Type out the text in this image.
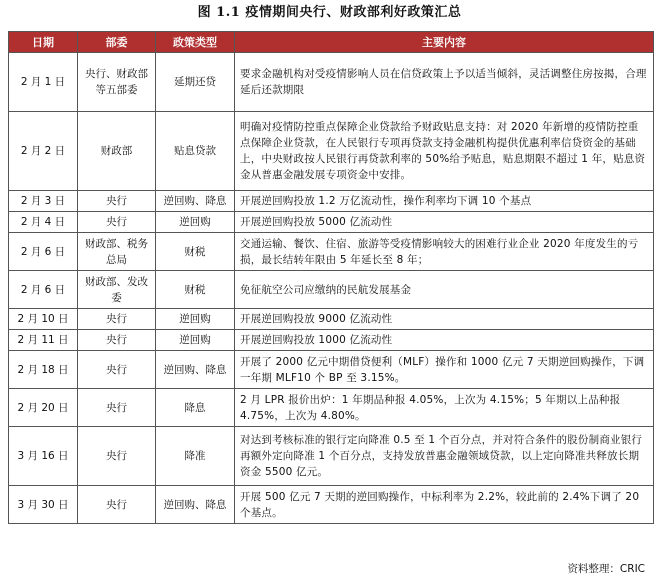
图 1.1 疫情期间央行、财政部利好政策汇总
日期	部委	政策类型	主要内容
2 月 1 日	央行、财政部等五部委	延期还贷	要求金融机构对受疫情影响人员在信贷政策上予以适当倾斜，灵活调整住房按揭，合理延后还款期限
2 月 2 日	财政部	贴息贷款	明确对疫情防控重点保障企业贷款给予财政贴息支持：对 2020 年新增的疫情防控重点保障企业贷款，在人民银行专项再贷款支持金融机构提供优惠利率信贷资金的基础上，中央财政按人民银行再贷款利率的 50%给予贴息，贴息期限不超过 1 年，贴息资金从普惠金融发展专项资金中安排。
2 月 3 日	央行	逆回购、降息	开展逆回购投放 1.2 万亿流动性，操作利率均下调 10 个基点
2 月 4 日	央行	逆回购	开展逆回购投放 5000 亿流动性
2 月 6 日	财政部、税务总局	财税	交通运输、餐饮、住宿、旅游等受疫情影响较大的困难行业企业 2020 年度发生的亏损，最长结转年限由 5 年延长至 8 年；
2 月 6 日	财政部、发改委	财税	免征航空公司应缴纳的民航发展基金
2 月 10 日	央行	逆回购	开展逆回购投放 9000 亿流动性
2 月 11 日	央行	逆回购	开展逆回购投放 1000 亿流动性
2 月 18 日	央行	逆回购、降息	开展了 2000 亿元中期借贷便利（MLF）操作和 1000 亿元 7 天期逆回购操作，下调一年期 MLF10 个 BP 至 3.15%。
2 月 20 日	央行	降息	2 月 LPR 报价出炉：1 年期品种报 4.05%，上次为 4.15%；5 年期以上品种报 4.75%，上次为 4.80%。
3 月 16 日	央行	降准	对达到考核标准的银行定向降准 0.5 至 1 个百分点，并对符合条件的股份制商业银行再额外定向降准 1 个百分点，支持发放普惠金融领域贷款，以上定向降准共释放长期资金 5500 亿元。
3 月 30 日	央行	逆回购、降息	开展 500 亿元 7 天期的逆回购操作，中标利率为 2.2%，较此前的 2.4%下调了 20 个基点。
资料整理：CRIC
